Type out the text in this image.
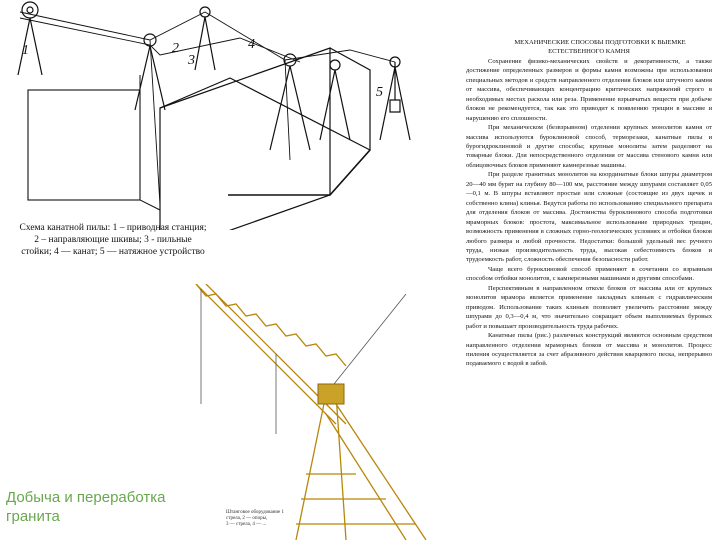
1	2
3
4
5
Схема канатной пилы: 1 – приводная станция; 2 – направляющие шкивы; 3 - пильные стойки; 4 — канат; 5 — натяжное устройство
Штанговое оборудование 1
стрела, 2 — опоры,
3 — стрела, 4 — ...
Добыча и переработка гранита

МЕХАНИЧЕСКИЕ СПОСОБЫ ПОДГОТОВКИ К ВЫЕМКЕ ЕСТЕСТВЕННОГО КАМНЯ

Сохранение физико-механических свойств и декоративности, а также достижение определенных размеров и формы камня возможны при использовании специальных методов и средств направленного отделения блоков или штучного камня от массива, обеспечивающих концентрацию критических напряжений строго в необходимых местах раскола или реза. Применение взрывчатых веществ при добыче блоков не рекомендуется, так как это приводит к появлению трещин в массиве и нарушению его сплошности.

При механическом (безвзрывном) отделении крупных монолитов камня от массива используются буроклиновой способ, терморезаки, канатные пилы и бурогидроклиновой и другие способы; крупные монолиты затем разделяют на товарные блоки. Для непосредственного отделения от массива стенового камня или облицовочных блоков применяют камнерезные машины.

При разделе гранитных монолитов на координатные блоки шпуры диаметром 20—40 мм бурят на глубину 80—100 мм, расстояние между шпурами составляет 0,05—0,1 м. В шпуры вставляют простые или сложные (состоящие из двух щечек и собственно клина) клинья. Ведутся работы по использованию специального препарата для отделения блоков от массива. Достоинства буроклинового способа подготовки мраморных блоков: простота, максимальное использование природных трещин, возможность применения в сложных горно-геологических условиях и отбойки блоков любого размера и любой прочности. Недостатки: большой удельный вес ручного труда, низкая производительность труда, высокая себестоимость блоков и трудоемкость работ, сложность обеспечения безопасности работ.

Чаще всего буроклиновой способ применяют в сочетании со взрывным способом отбойки монолитов, с камнерезными машинами и другими способами.

Перспективным в направленном отколе блоков от массива или от крупных монолитов мрамора является применение закладных клиньев с гидравлическим приводом. Использование таких клиньев позволяет увеличить расстояние между шпурами до 0,3—0,4 м, что значительно сокращает объем выполняемых буровых работ и повышает производительность труда рабочих.

Канатные пилы (рис.) различных конструкций являются основным средством направленного отделения мраморных блоков от массива и монолитов. Процесс пиления осуществляется за счет абразивного действия кварцевого песка, непрерывно подаваемого с водой в забой.
